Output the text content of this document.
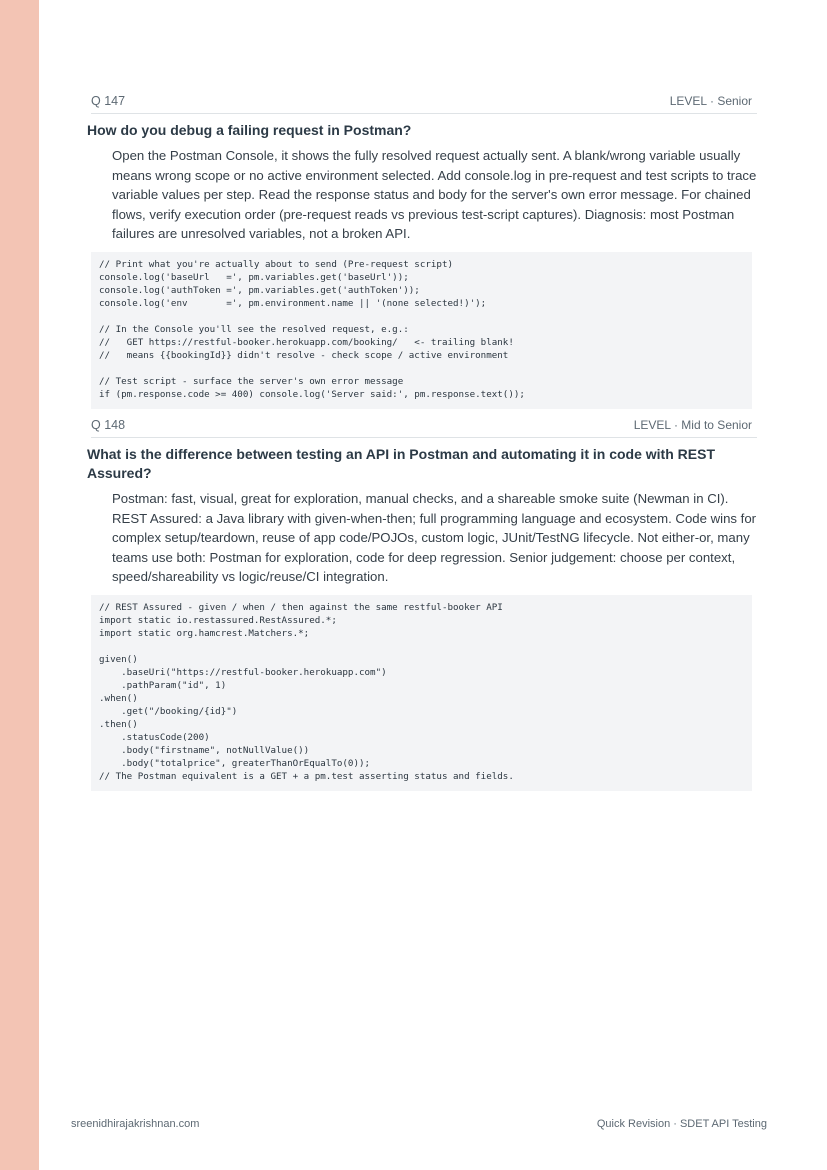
Q 147	LEVEL · Senior
How do you debug a failing request in Postman?
Open the Postman Console, it shows the fully resolved request actually sent. A blank/wrong variable usually means wrong scope or no active environment selected. Add console.log in pre-request and test scripts to trace variable values per step. Read the response status and body for the server's own error message. For chained flows, verify execution order (pre-request reads vs previous test-script captures). Diagnosis: most Postman failures are unresolved variables, not a broken API.
// Print what you're actually about to send (Pre-request script)
console.log('baseUrl   =', pm.variables.get('baseUrl'));
console.log('authToken =', pm.variables.get('authToken'));
console.log('env       =', pm.environment.name || '(none selected!)');
// In the Console you'll see the resolved request, e.g.:
//   GET https://restful-booker.herokuapp.com/booking/   <- trailing blank!
//   means {{bookingId}} didn't resolve - check scope / active environment
// Test script - surface the server's own error message
if (pm.response.code >= 400) console.log('Server said:', pm.response.text());
Q 148	LEVEL · Mid to Senior
What is the difference between testing an API in Postman and automating it in code with REST Assured?
Postman: fast, visual, great for exploration, manual checks, and a shareable smoke suite (Newman in CI). REST Assured: a Java library with given-when-then; full programming language and ecosystem. Code wins for complex setup/teardown, reuse of app code/POJOs, custom logic, JUnit/TestNG lifecycle. Not either-or, many teams use both: Postman for exploration, code for deep regression. Senior judgement: choose per context, speed/shareability vs logic/reuse/CI integration.
// REST Assured - given / when / then against the same restful-booker API
import static io.restassured.RestAssured.*;
import static org.hamcrest.Matchers.*;
given()
.baseUri("https://restful-booker.herokuapp.com")
.pathParam("id", 1)
.when()
.get("/booking/{id}")
.then()
.statusCode(200)
.body("firstname", notNullValue())
.body("totalprice", greaterThanOrEqualTo(0));
// The Postman equivalent is a GET + a pm.test asserting status and fields.
sreenidhirajakrishnan.com	Quick Revision · SDET API Testing
